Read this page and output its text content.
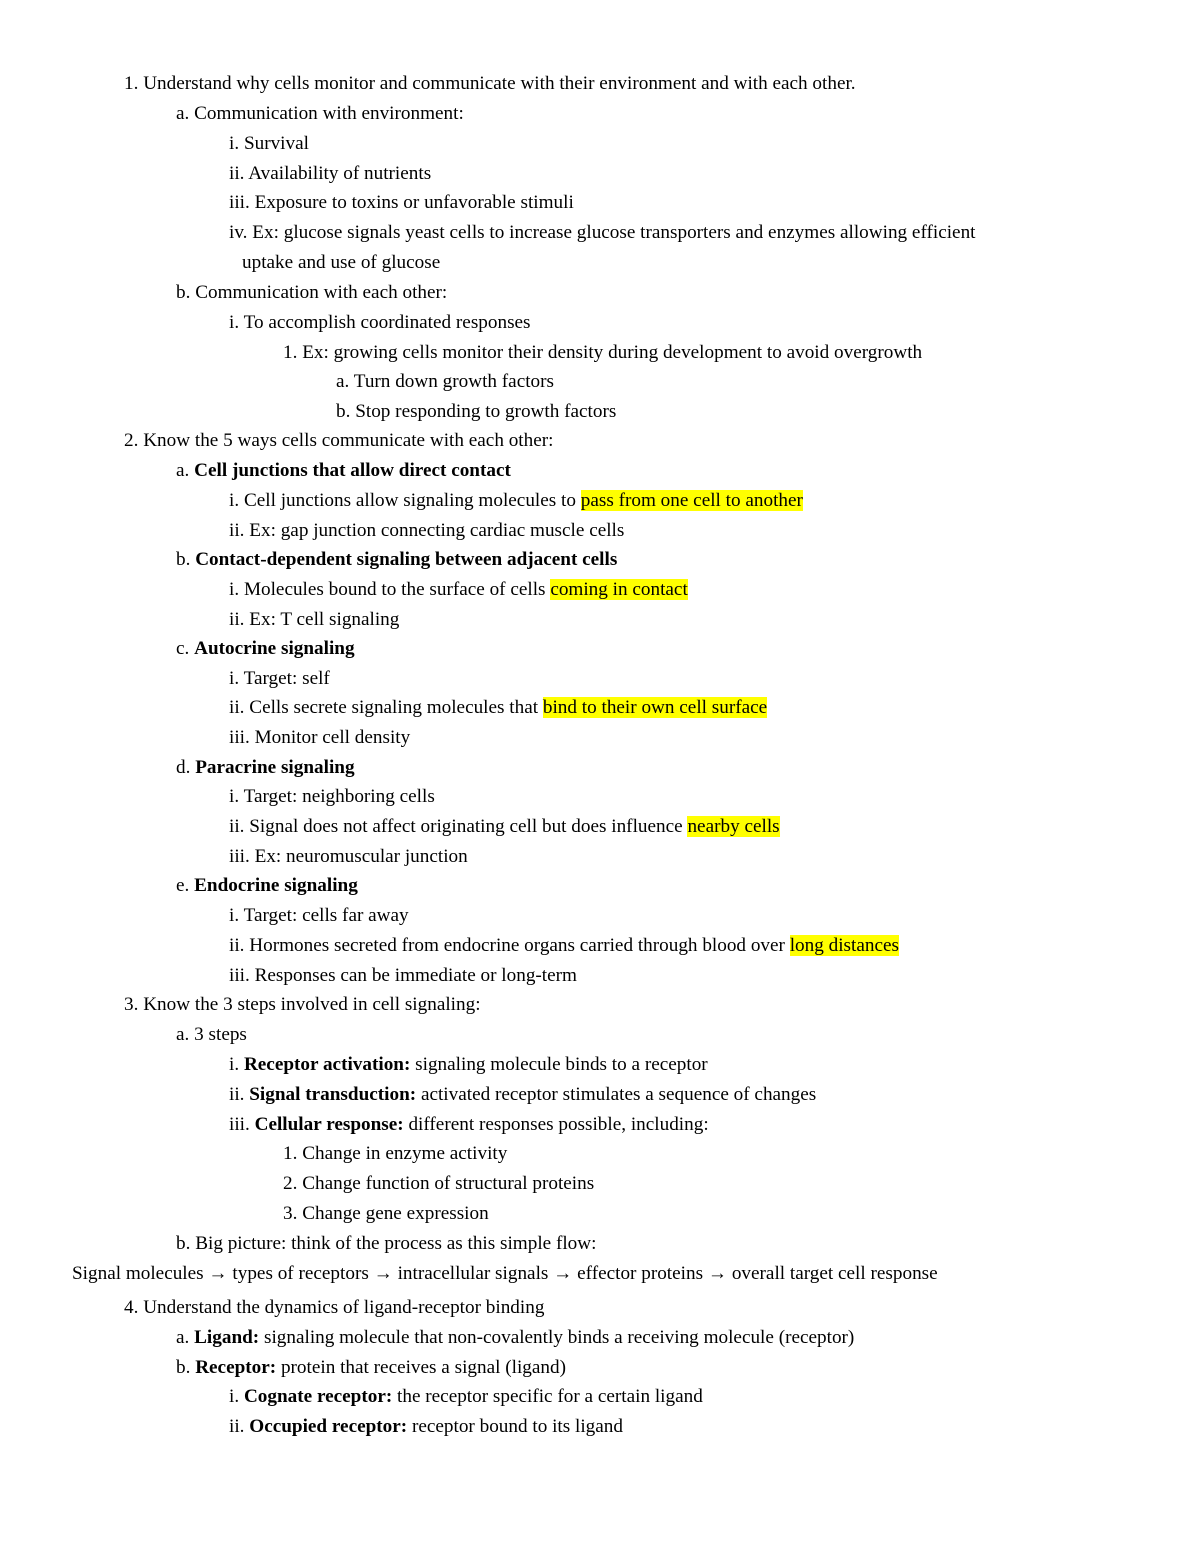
1. Understand why cells monitor and communicate with their environment and with each other.
a. Communication with environment:
i. Survival
ii. Availability of nutrients
iii. Exposure to toxins or unfavorable stimuli
iv. Ex: glucose signals yeast cells to increase glucose transporters and enzymes allowing efficient
uptake and use of glucose
b. Communication with each other:
i. To accomplish coordinated responses
1. Ex: growing cells monitor their density during development to avoid overgrowth
a. Turn down growth factors
b. Stop responding to growth factors
2. Know the 5 ways cells communicate with each other:
a. Cell junctions that allow direct contact
i. Cell junctions allow signaling molecules to pass from one cell to another
ii. Ex: gap junction connecting cardiac muscle cells
b. Contact-dependent signaling between adjacent cells
i. Molecules bound to the surface of cells coming in contact
ii. Ex: T cell signaling
c. Autocrine signaling
i. Target: self
ii. Cells secrete signaling molecules that bind to their own cell surface
iii. Monitor cell density
d. Paracrine signaling
i. Target: neighboring cells
ii. Signal does not affect originating cell but does influence nearby cells
iii. Ex: neuromuscular junction
e. Endocrine signaling
i. Target: cells far away
ii. Hormones secreted from endocrine organs carried through blood over long distances
iii. Responses can be immediate or long-term
3. Know the 3 steps involved in cell signaling:
a. 3 steps
i. Receptor activation: signaling molecule binds to a receptor
ii. Signal transduction: activated receptor stimulates a sequence of changes
iii. Cellular response: different responses possible, including:
1. Change in enzyme activity
2. Change function of structural proteins
3. Change gene expression
b. Big picture: think of the process as this simple flow:
Signal molecules → types of receptors → intracellular signals → effector proteins → overall target cell response
4. Understand the dynamics of ligand-receptor binding
a. Ligand: signaling molecule that non-covalently binds a receiving molecule (receptor)
b. Receptor: protein that receives a signal (ligand)
i. Cognate receptor: the receptor specific for a certain ligand
ii. Occupied receptor: receptor bound to its ligand
